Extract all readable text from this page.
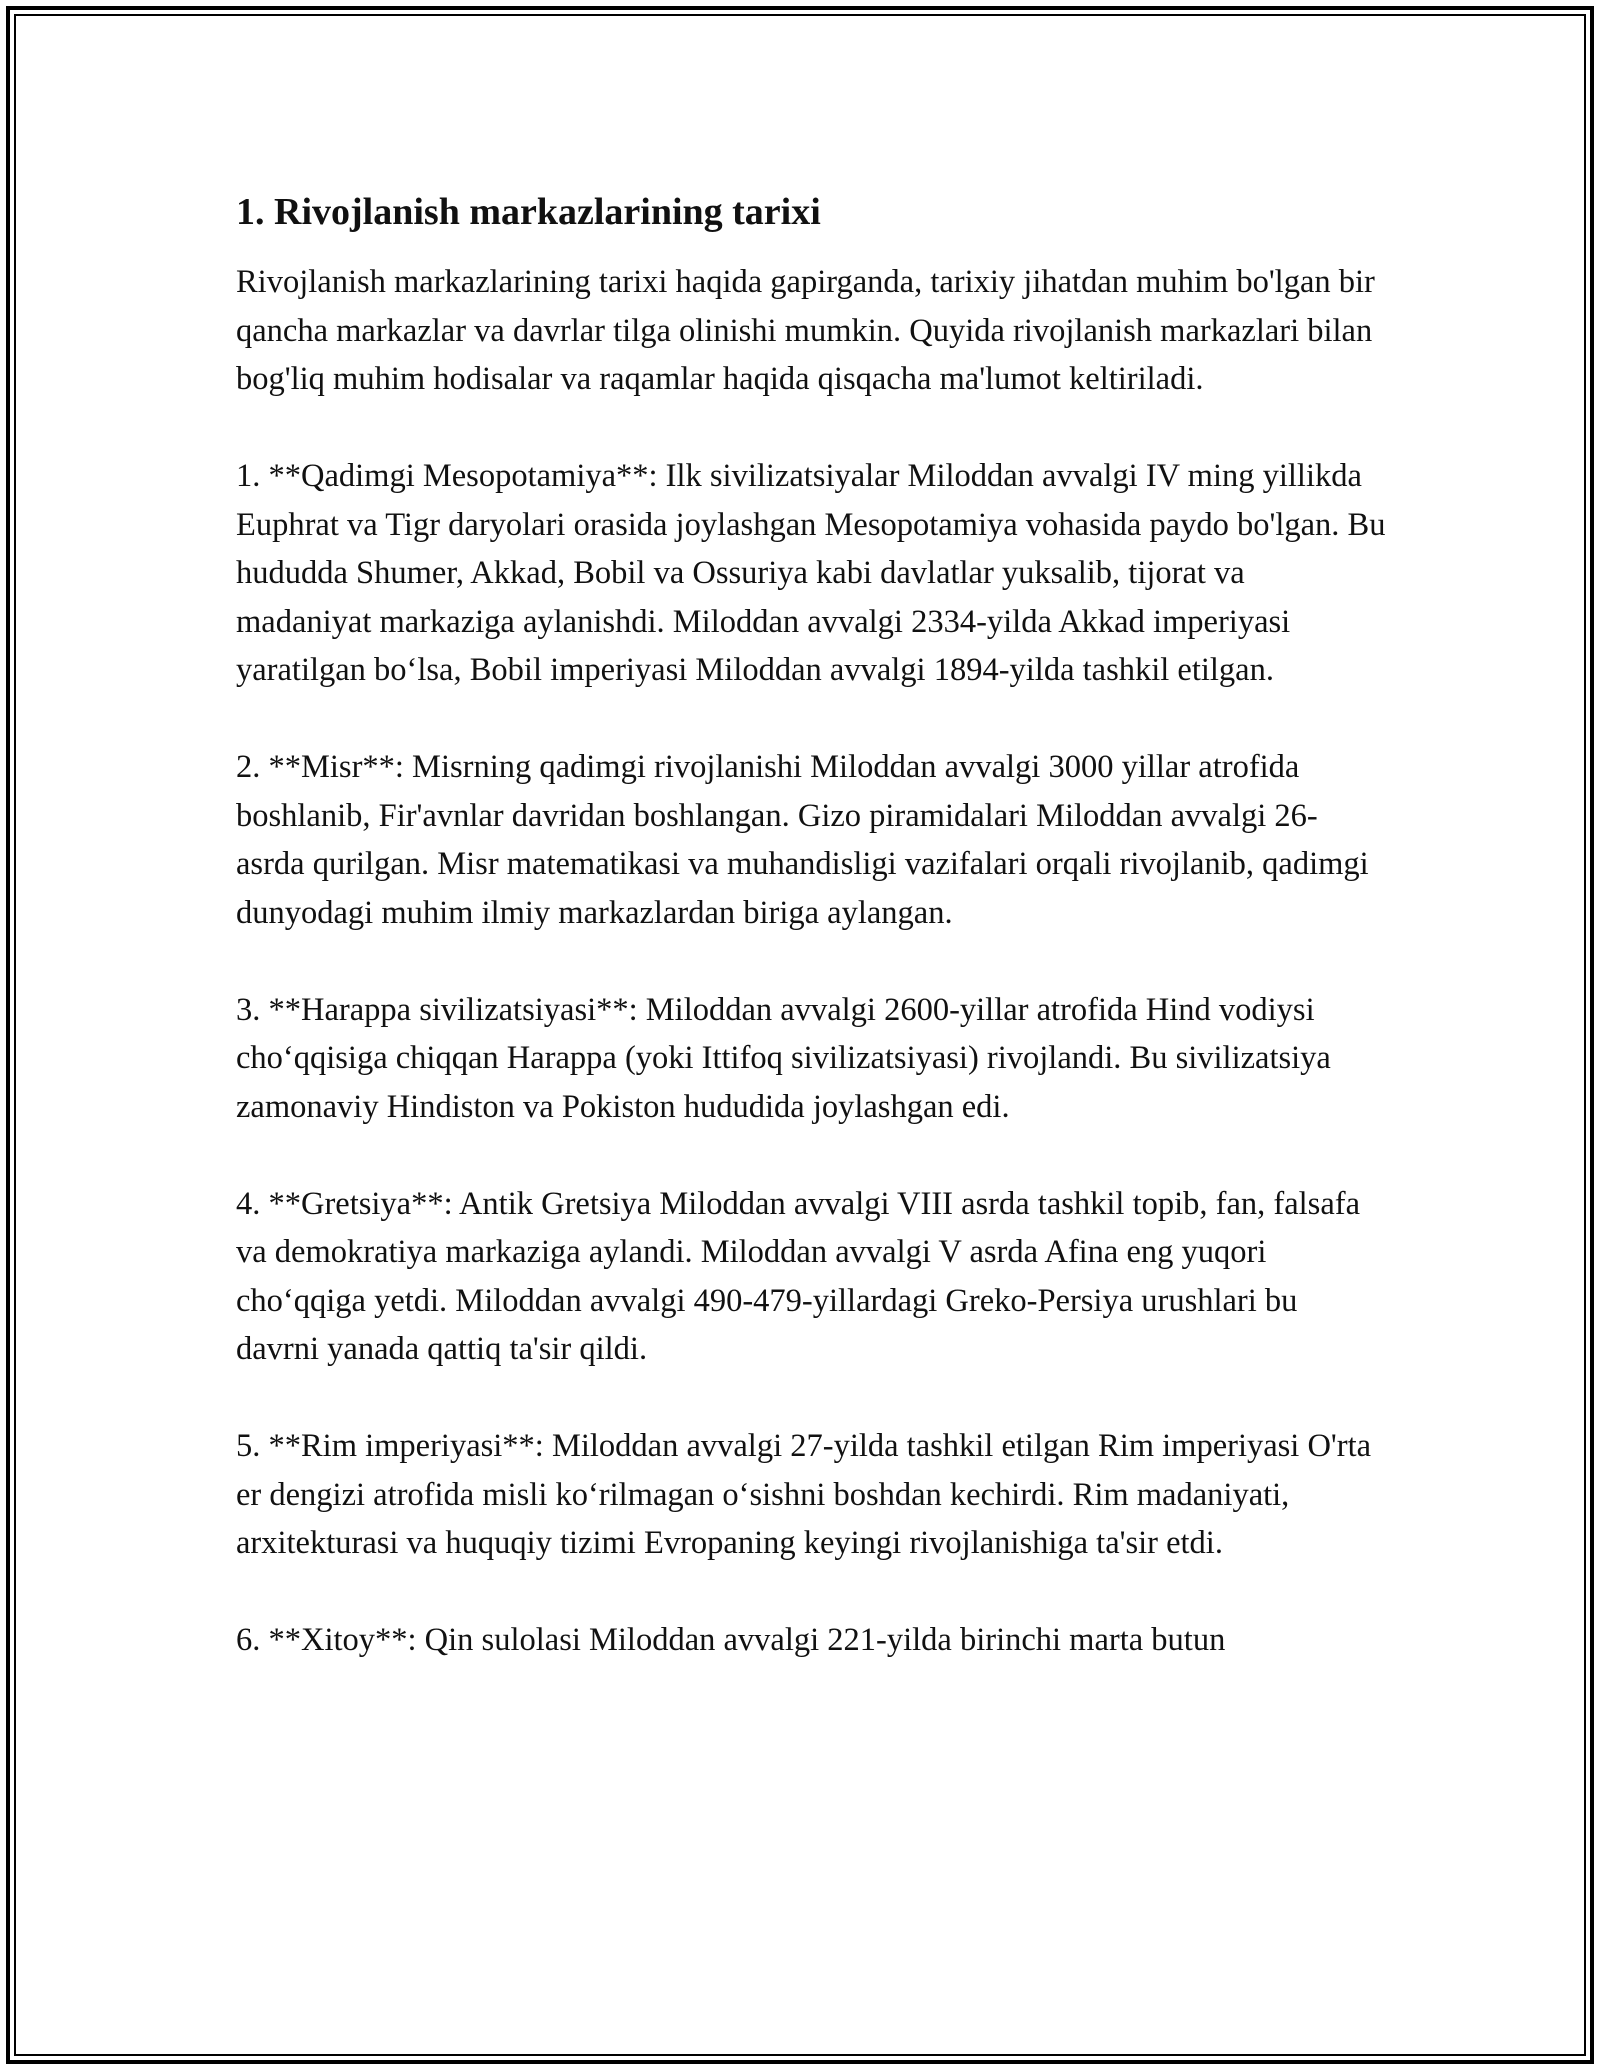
1. Rivojlanish markazlarining tarixi

Rivojlanish markazlarining tarixi haqida gapirganda, tarixiy jihatdan muhim bo'lgan bir qancha markazlar va davrlar tilga olinishi mumkin. Quyida rivojlanish markazlari bilan bog'liq muhim hodisalar va raqamlar haqida qisqacha ma'lumot keltiriladi.

1. **Qadimgi Mesopotamiya**: Ilk sivilizatsiyalar Miloddan avvalgi IV ming yillikda Euphrat va Tigr daryolari orasida joylashgan Mesopotamiya vohasida paydo bo'lgan. Bu hududda Shumer, Akkad, Bobil va Ossuriya kabi davlatlar yuksalib, tijorat va madaniyat markaziga aylanishdi. Miloddan avvalgi 2334-yilda Akkad imperiyasi yaratilgan bo‘lsa, Bobil imperiyasi Miloddan avvalgi 1894-yilda tashkil etilgan.

2. **Misr**: Misrning qadimgi rivojlanishi Miloddan avvalgi 3000 yillar atrofida boshlanib, Fir'avnlar davridan boshlangan. Gizo piramidalari Miloddan avvalgi 26-asrda qurilgan. Misr matematikasi va muhandisligi vazifalari orqali rivojlanib, qadimgi dunyodagi muhim ilmiy markazlardan biriga aylangan.

3. **Harappa sivilizatsiyasi**: Miloddan avvalgi 2600-yillar atrofida Hind vodiysi cho‘qqisiga chiqqan Harappa (yoki Ittifoq sivilizatsiyasi) rivojlandi. Bu sivilizatsiya zamonaviy Hindiston va Pokiston hududida joylashgan edi.

4. **Gretsiya**: Antik Gretsiya Miloddan avvalgi VIII asrda tashkil topib, fan, falsafa va demokratiya markaziga aylandi. Miloddan avvalgi V asrda Afina eng yuqori cho‘qqiga yetdi. Miloddan avvalgi 490-479-yillardagi Greko-Persiya urushlari bu davrni yanada qattiq ta'sir qildi.

5. **Rim imperiyasi**: Miloddan avvalgi 27-yilda tashkil etilgan Rim imperiyasi O'rta er dengizi atrofida misli ko‘rilmagan o‘sishni boshdan kechirdi. Rim madaniyati, arxitekturasi va huquqiy tizimi Evropaning keyingi rivojlanishiga ta'sir etdi.

6. **Xitoy**: Qin sulolasi Miloddan avvalgi 221-yilda birinchi marta butun
